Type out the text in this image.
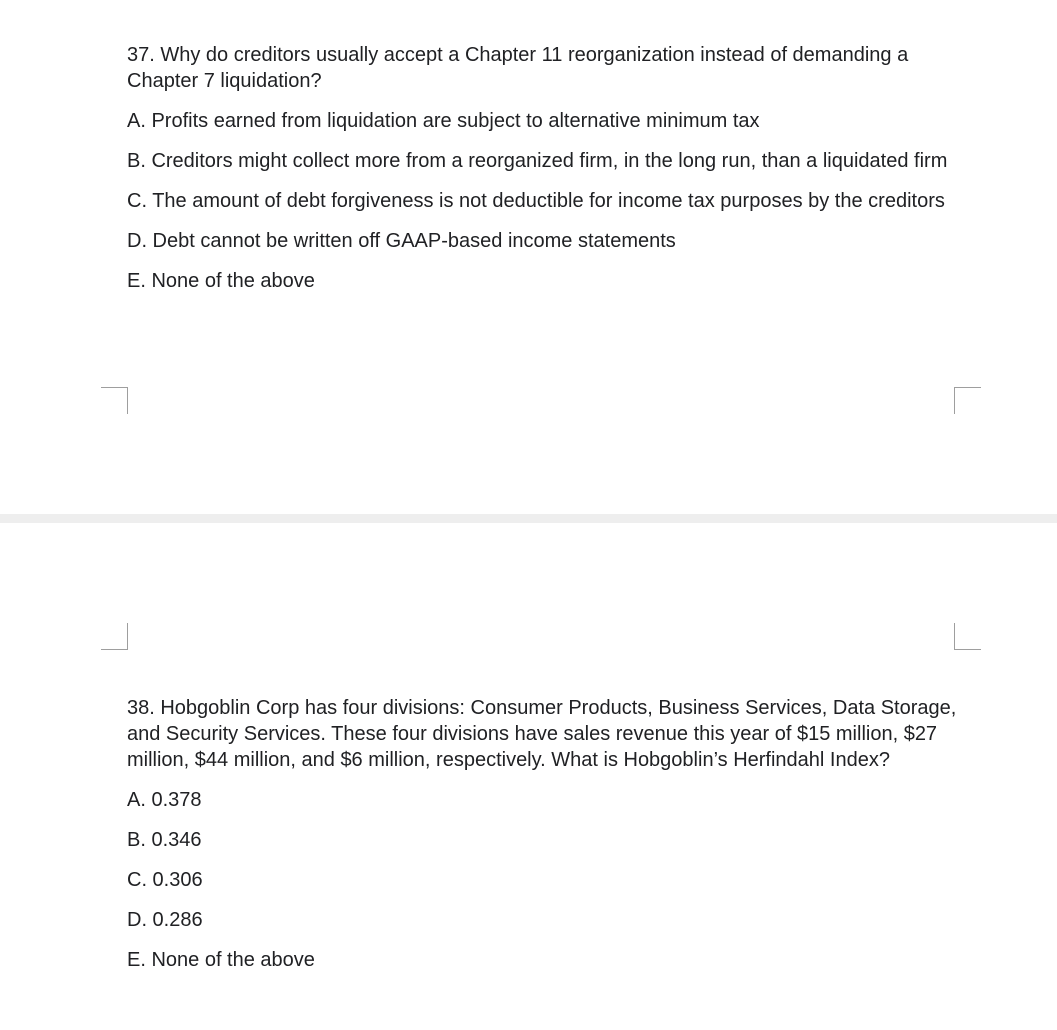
37. Why do creditors usually accept a Chapter 11 reorganization instead of demanding a Chapter 7 liquidation?

A. Profits earned from liquidation are subject to alternative minimum tax

B. Creditors might collect more from a reorganized firm, in the long run, than a liquidated firm

C. The amount of debt forgiveness is not deductible for income tax purposes by the creditors

D. Debt cannot be written off GAAP-based income statements

E. None of the above

38. Hobgoblin Corp has four divisions: Consumer Products, Business Services, Data Storage, and Security Services. These four divisions have sales revenue this year of $15 million, $27 million, $44 million, and $6 million, respectively. What is Hobgoblin’s Herfindahl Index?

A. 0.378

B. 0.346

C. 0.306

D. 0.286

E. None of the above
